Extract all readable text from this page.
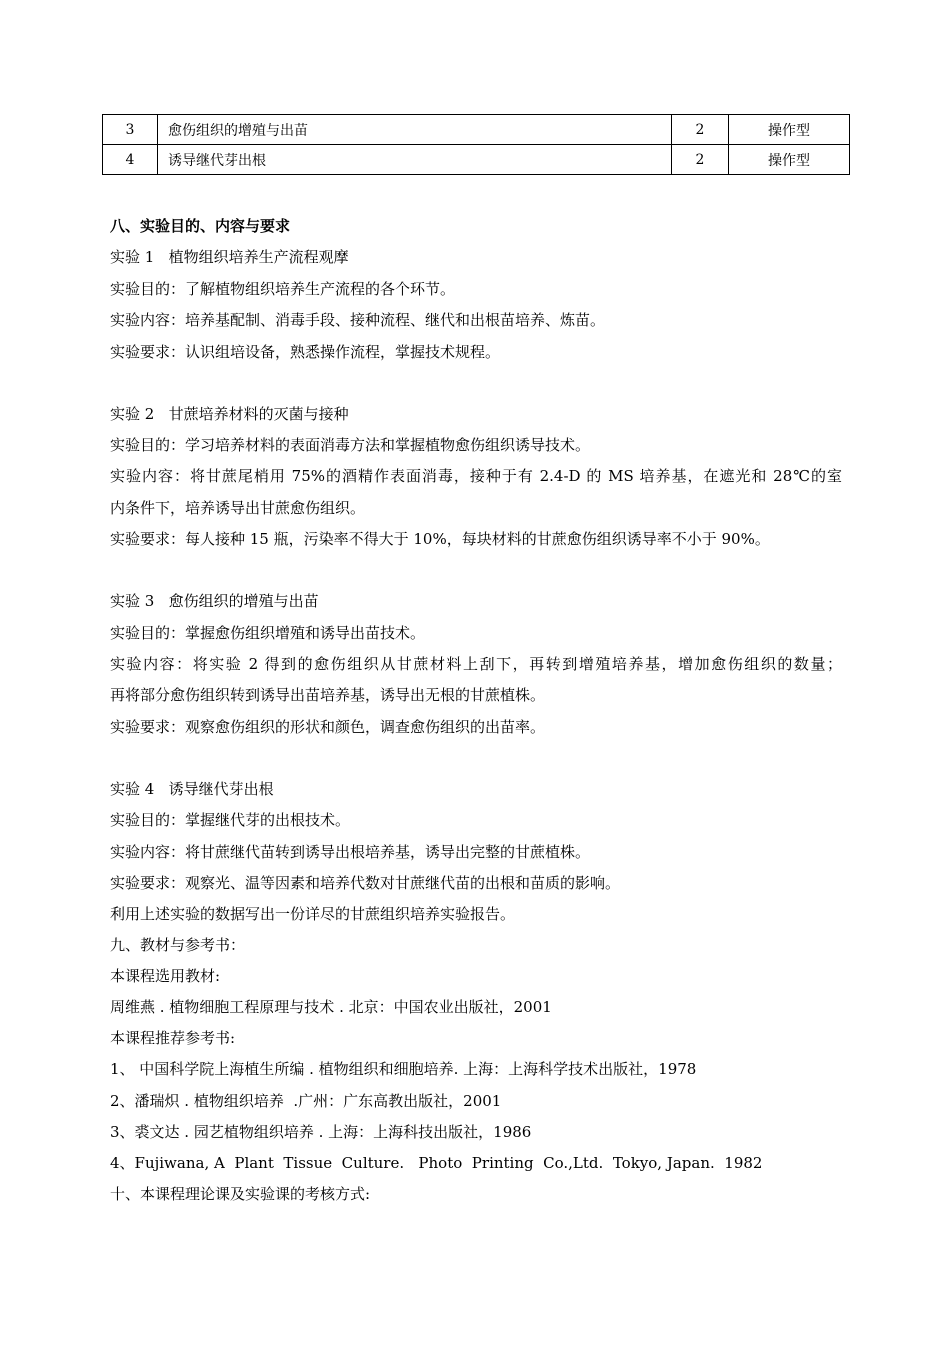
3	愈伤组织的增殖与出苗	2	操作型
4	诱导继代芽出根	2	操作型
八、实验目的、内容与要求
实验 1   植物组织培养生产流程观摩
实验目的：了解植物组织培养生产流程的各个环节。
实验内容：培养基配制、消毒手段、接种流程、继代和出根苗培养、炼苗。
实验要求：认识组培设备，熟悉操作流程，掌握技术规程。
实验 2   甘蔗培养材料的灭菌与接种
实验目的：学习培养材料的表面消毒方法和掌握植物愈伤组织诱导技术。
实验内容：将甘蔗尾梢用 75%的酒精作表面消毒，接种于有 2.4-D 的 MS 培养基，在遮光和 28℃的室
内条件下，培养诱导出甘蔗愈伤组织。
实验要求：每人接种 15 瓶，污染率不得大于 10%，每块材料的甘蔗愈伤组织诱导率不小于 90%。
实验 3   愈伤组织的增殖与出苗
实验目的：掌握愈伤组织增殖和诱导出苗技术。
实验内容：将实验 2 得到的愈伤组织从甘蔗材料上刮下，再转到增殖培养基，增加愈伤组织的数量；
再将部分愈伤组织转到诱导出苗培养基，诱导出无根的甘蔗植株。
实验要求：观察愈伤组织的形状和颜色，调查愈伤组织的出苗率。
实验 4   诱导继代芽出根
实验目的：掌握继代芽的出根技术。
实验内容：将甘蔗继代苗转到诱导出根培养基，诱导出完整的甘蔗植株。
实验要求：观察光、温等因素和培养代数对甘蔗继代苗的出根和苗质的影响。
利用上述实验的数据写出一份详尽的甘蔗组织培养实验报告。
九、教材与参考书：
本课程选用教材:
周维燕 . 植物细胞工程原理与技术 . 北京：中国农业出版社，2001
本课程推荐参考书:
1、 中国科学院上海植生所编 . 植物组织和细胞培养. 上海：上海科学技术出版社，1978
2、潘瑞炽 . 植物组织培养  .广州：广东高教出版社，2001
3、裘文达 . 园艺植物组织培养 . 上海：上海科技出版社，1986
4、Fujiwana, A  Plant  Tissue  Culture.   Photo  Printing  Co.,Ltd.  Tokyo, Japan.  1982
十、本课程理论课及实验课的考核方式:
